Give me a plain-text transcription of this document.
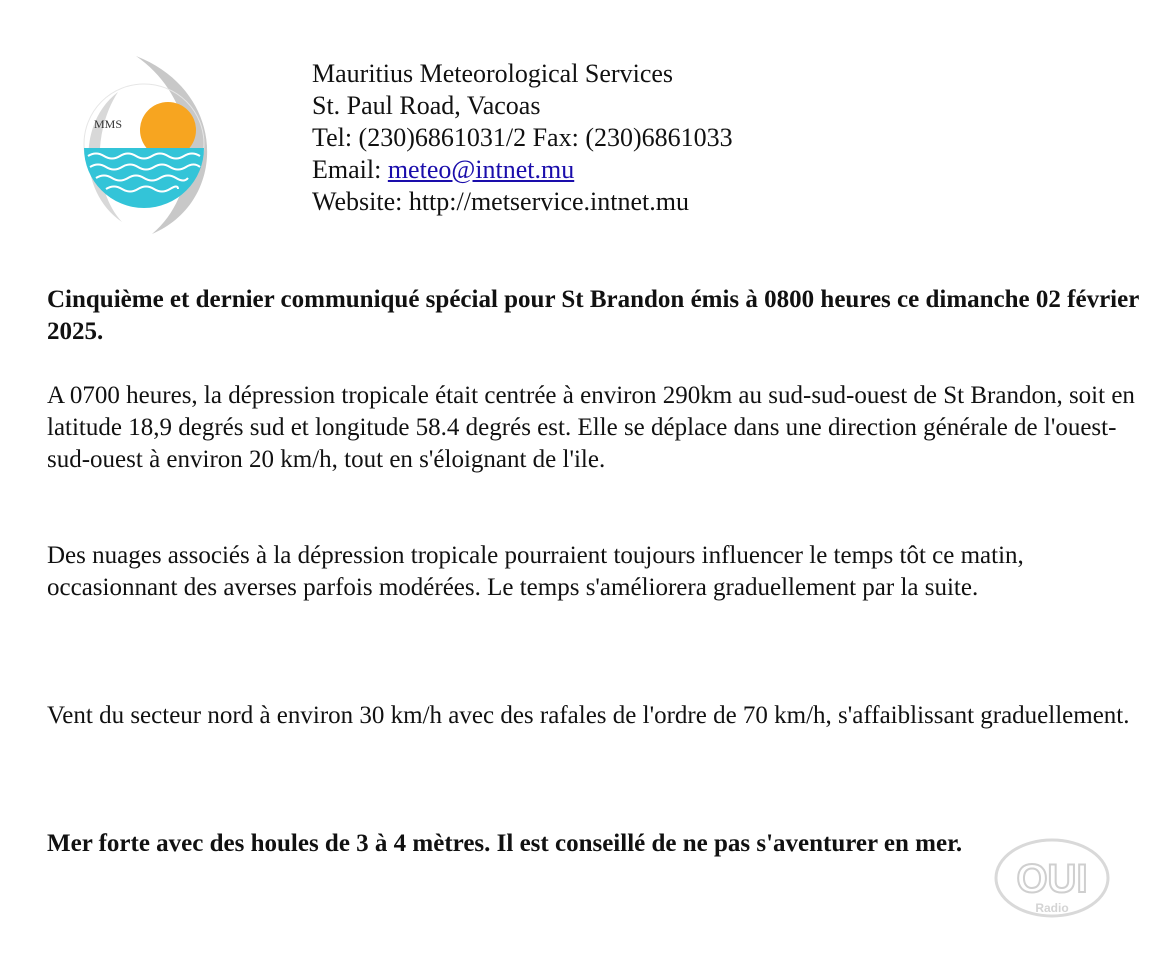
MMS
Mauritius Meteorological Services
St. Paul Road, Vacoas
Tel: (230)6861031/2 Fax: (230)6861033
Email: meteo@intnet.mu
Website: http://metservice.intnet.mu
Cinquième et dernier communiqué spécial pour St Brandon émis à 0800 heures ce dimanche 02 février 2025.
A 0700 heures, la dépression tropicale était centrée à environ 290km au sud-sud-ouest de St Brandon, soit en latitude 18,9 degrés sud et longitude 58.4 degrés est. Elle se déplace dans une direction générale de l'ouest-sud-ouest à environ 20 km/h, tout en s'éloignant de l'ile.
Des nuages associés à la dépression tropicale pourraient toujours influencer le temps tôt ce matin, occasionnant des averses parfois modérées. Le temps s'améliorera graduellement par la suite.
Vent du secteur nord à environ 30 km/h avec des rafales de l'ordre de 70 km/h, s'affaiblissant graduellement.
Mer forte avec des houles de 3 à 4 mètres. Il est conseillé de ne pas s'aventurer en mer.
OUI
Radio
